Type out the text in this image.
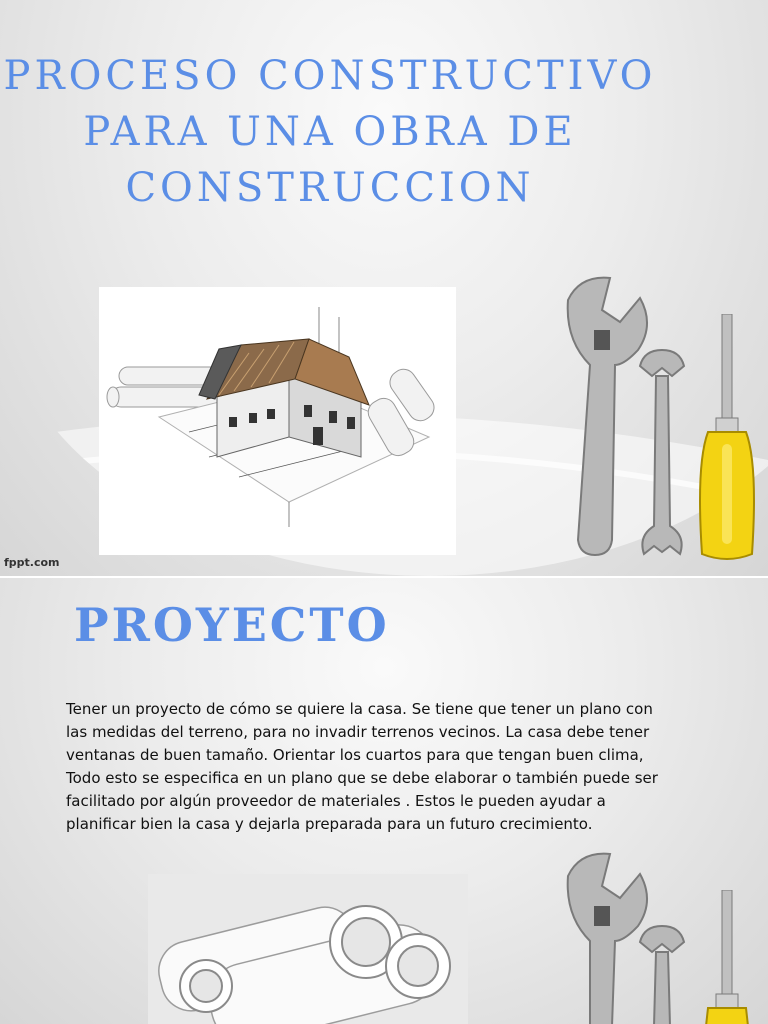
PROCESO CONSTRUCTIVO
PARA UNA OBRA DE
CONSTRUCCION
fppt.com
PROYECTO

Tener un proyecto de cómo se quiere la casa. Se tiene que tener un plano con las medidas del terreno, para no invadir terrenos vecinos. La casa debe tener ventanas de buen tamaño. Orientar los cuartos para que tengan buen clima, Todo esto se especifica en un plano que se debe elaborar o también puede ser facilitado por algún proveedor de materiales . Estos le pueden ayudar a planificar bien la casa y dejarla preparada para un futuro crecimiento.
